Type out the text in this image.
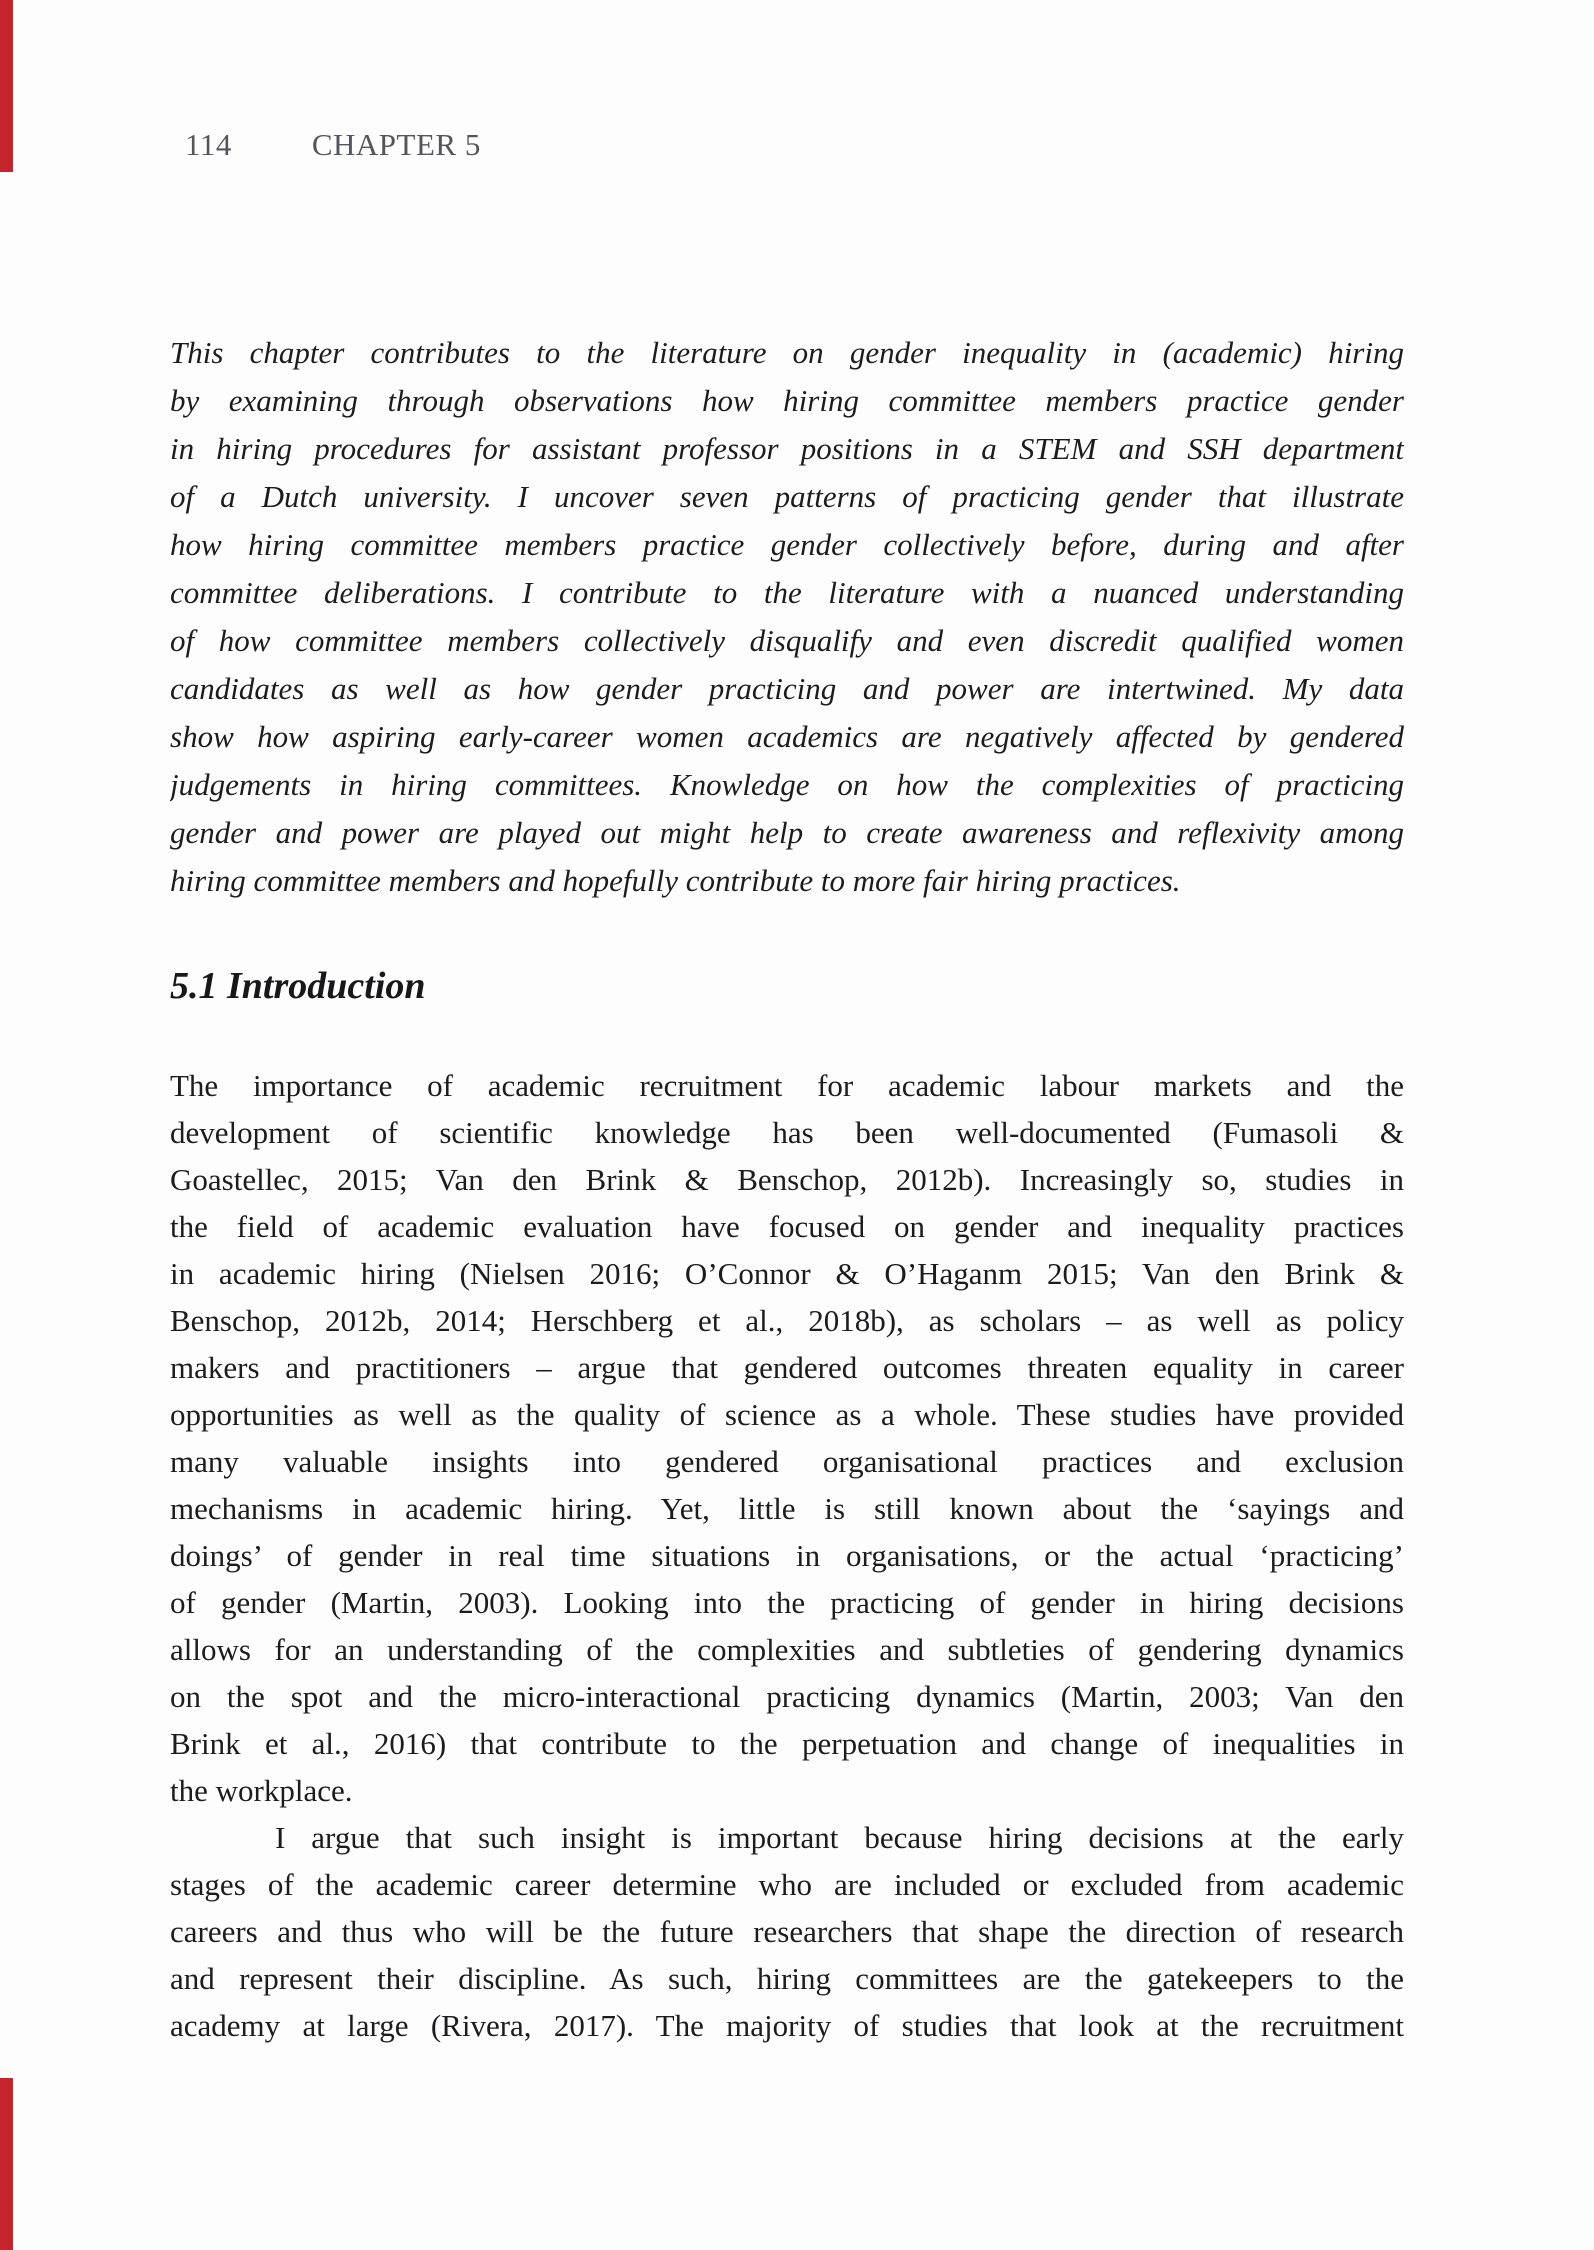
114	CHAPTER 5
This chapter contributes to the literature on gender inequality in (academic) hiring
by examining through observations how hiring committee members practice gender
in hiring procedures for assistant professor positions in a STEM and SSH department
of a Dutch university. I uncover seven patterns of practicing gender that illustrate
how hiring committee members practice gender collectively before, during and after
committee deliberations. I contribute to the literature with a nuanced understanding
of how committee members collectively disqualify and even discredit qualified women
candidates as well as how gender practicing and power are intertwined. My data
show how aspiring early-career women academics are negatively affected by gendered
judgements in hiring committees. Knowledge on how the complexities of practicing
gender and power are played out might help to create awareness and reflexivity among
hiring committee members and hopefully contribute to more fair hiring practices.
5.1 Introduction

The importance of academic recruitment for academic labour markets and the
development of scientific knowledge has been well-documented (Fumasoli &
Goastellec, 2015; Van den Brink & Benschop, 2012b). Increasingly so, studies in
the field of academic evaluation have focused on gender and inequality practices
in academic hiring (Nielsen 2016; O’Connor & O’Haganm 2015; Van den Brink &
Benschop, 2012b, 2014; Herschberg et al., 2018b), as scholars – as well as policy
makers and practitioners – argue that gendered outcomes threaten equality in career
opportunities as well as the quality of science as a whole. These studies have provided
many valuable insights into gendered organisational practices and exclusion
mechanisms in academic hiring. Yet, little is still known about the ‘sayings and
doings’ of gender in real time situations in organisations, or the actual ‘practicing’
of gender (Martin, 2003). Looking into the practicing of gender in hiring decisions
allows for an understanding of the complexities and subtleties of gendering dynamics
on the spot and the micro-interactional practicing dynamics (Martin, 2003; Van den
Brink et al., 2016) that contribute to the perpetuation and change of inequalities in
the workplace.

I argue that such insight is important because hiring decisions at the early
stages of the academic career determine who are included or excluded from academic
careers and thus who will be the future researchers that shape the direction of research
and represent their discipline. As such, hiring committees are the gatekeepers to the
academy at large (Rivera, 2017). The majority of studies that look at the recruitment
